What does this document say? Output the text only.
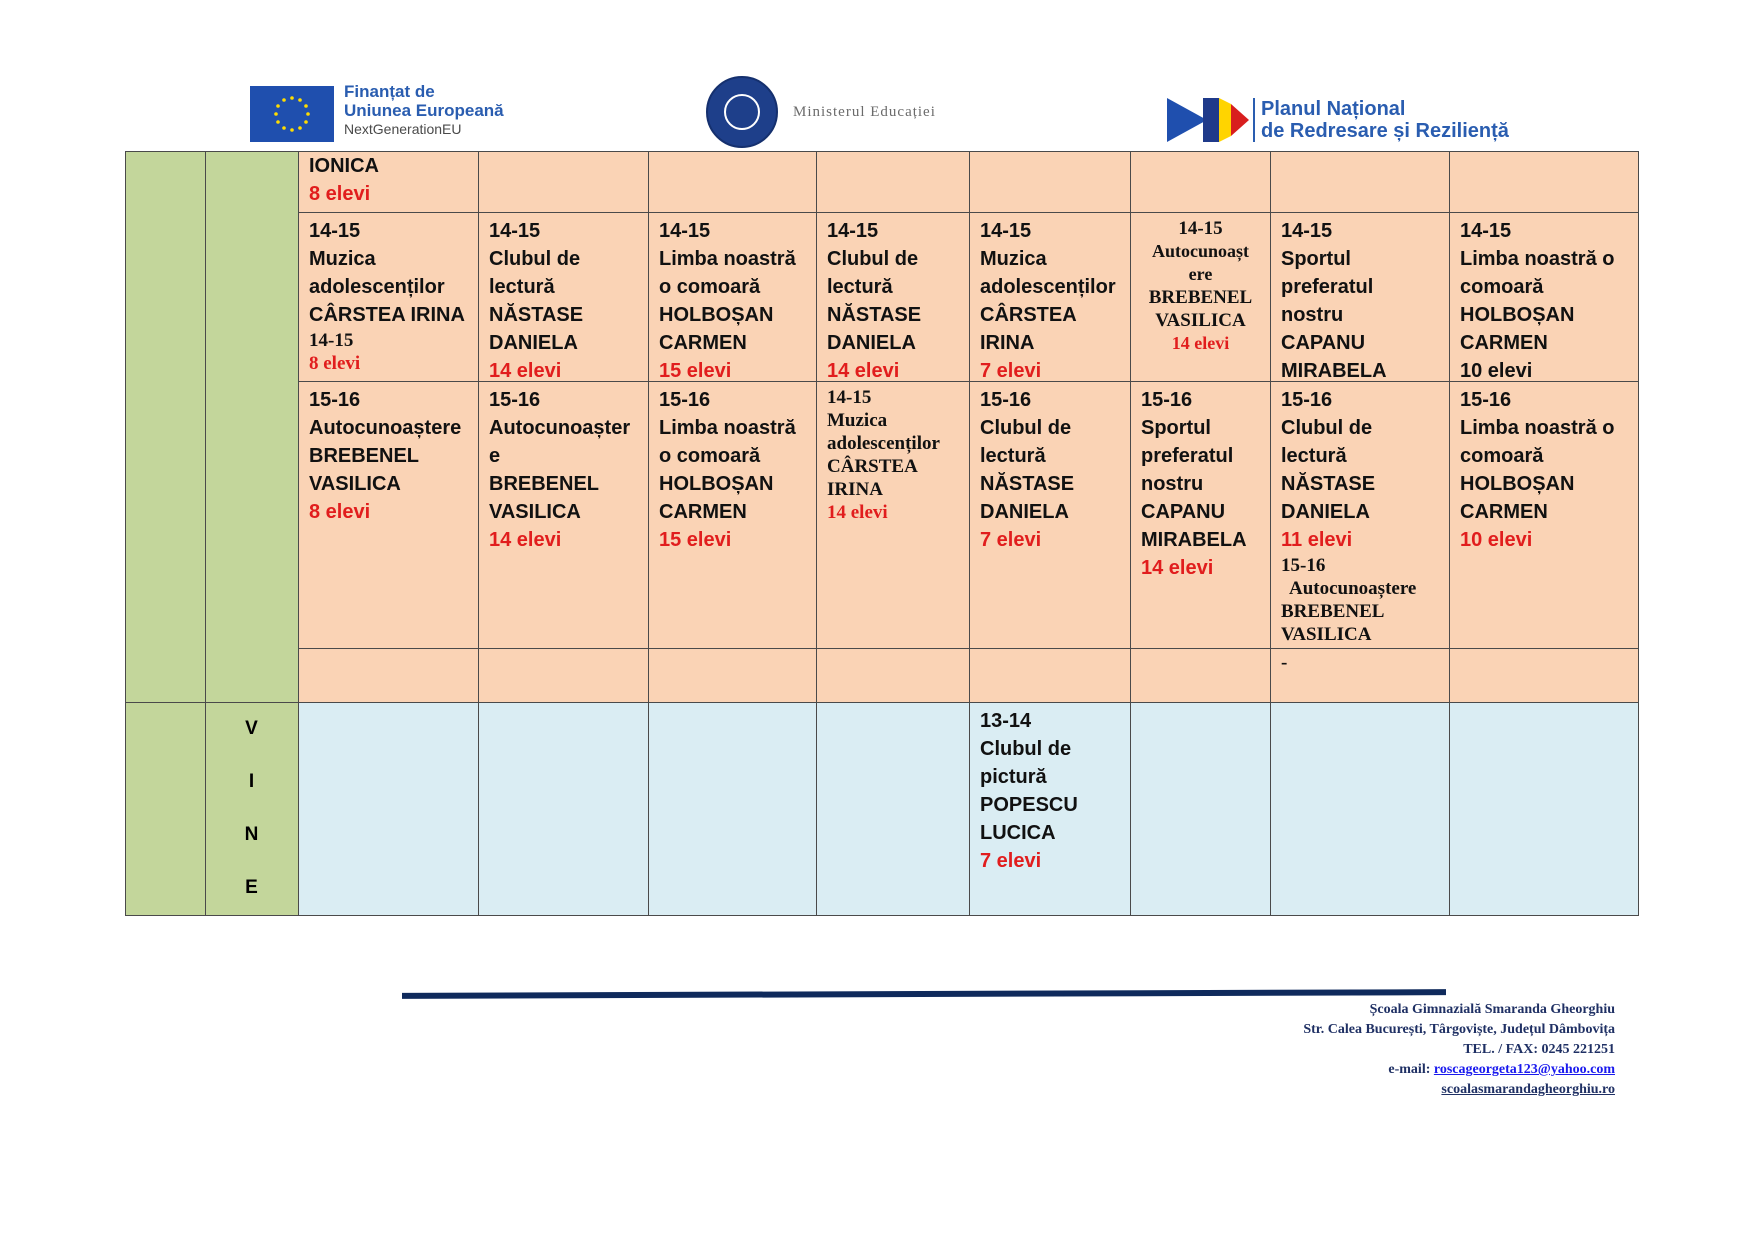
Finanțat de
Uniunea Europeană
NextGenerationEU
Ministerul Educației	Planul Național
de Redresare și Reziliență
V
I
N
E
IONICA
8 elevi
14-15
Muzica
adolescenților
CÂRSTEA IRINA
14-15
8 elevi
14-15
Clubul de
lectură
NĂSTASE
DANIELA
14 elevi
14-15
Limba noastră
o comoară
HOLBOȘAN
CARMEN
15 elevi
14-15
Clubul de
lectură
NĂSTASE
DANIELA
14 elevi
14-15
Muzica
adolescenților
CÂRSTEA
IRINA
7 elevi
14-15
Autocunoașt
ere
BREBENEL
VASILICA
14 elevi
14-15
Sportul
preferatul
nostru
CAPANU
MIRABELA
14-15
Limba noastră o
comoară
HOLBOȘAN
CARMEN
10 elevi
15-16
Autocunoaștere
BREBENEL
VASILICA
8 elevi
15-16
Autocunoașter
e
BREBENEL
VASILICA
14 elevi
15-16
Limba noastră
o comoară
HOLBOȘAN
CARMEN
15 elevi
14-15
Muzica
adolescenților
CÂRSTEA
IRINA
14 elevi
15-16
Clubul de
lectură
NĂSTASE
DANIELA
7 elevi
15-16
Sportul
preferatul
nostru
CAPANU
MIRABELA
14 elevi
15-16
Clubul de
lectură
NĂSTASE
DANIELA
11 elevi
15-16
Autocunoaștere
BREBENEL
VASILICA
15-16
Limba noastră o
comoară
HOLBOȘAN
CARMEN
10 elevi
-
13-14
Clubul de
pictură
POPESCU
LUCICA
7 elevi
Școala Gimnazială Smaranda Gheorghiu
Str. Calea București, Târgoviște, Județul Dâmbovița
TEL. / FAX: 0245 221251
e-mail: roscageorgeta123@yahoo.com
scoalasmarandagheorghiu.ro
